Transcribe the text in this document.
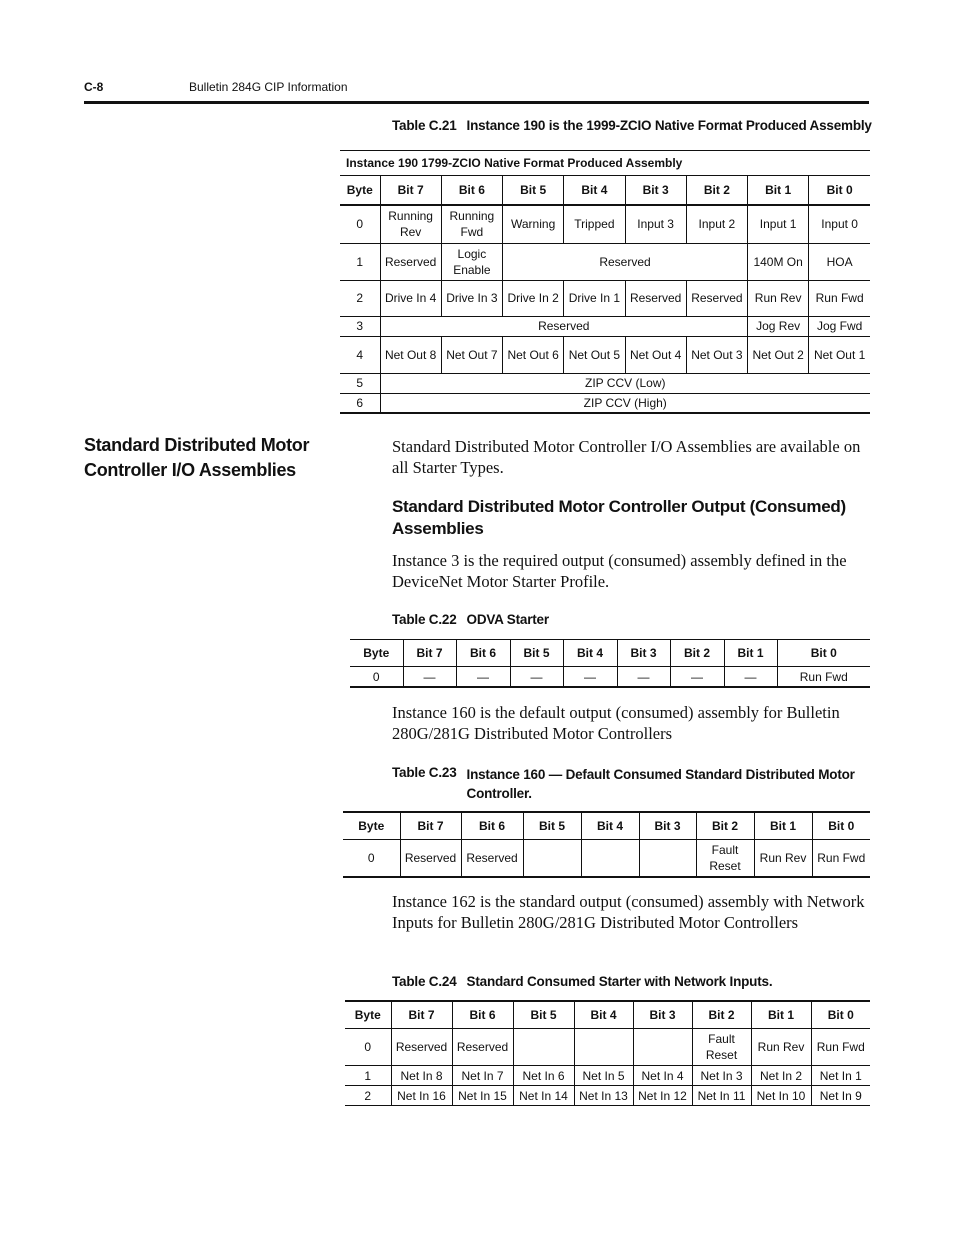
C-8	Bulletin 284G CIP Information
Table C.21 Instance 190 is the 1999-ZCIO Native Format Produced Assembly
Instance 190 1799-ZCIO Native Format Produced Assembly								
Byte	Bit 7	Bit 6	Bit 5	Bit 4	Bit 3	Bit 2	Bit 1	Bit 0
0	Running Rev	Running Fwd	Warning	Tripped	Input 3	Input 2	Input 1	Input 0
1	Reserved	Logic Enable	Reserved				140M On	HOA
2	Drive In 4	Drive In 3	Drive In 2	Drive In 1	Reserved	Reserved	Run Rev	Run Fwd
3	Reserved						Jog Rev	Jog Fwd
4	Net Out 8	Net Out 7	Net Out 6	Net Out 5	Net Out 4	Net Out 3	Net Out 2	Net Out 1
5	ZIP CCV (Low)							
6	ZIP CCV (High)							
Standard Distributed Motor Controller I/O Assemblies
Standard Distributed Motor Controller I/O Assemblies are available on all Starter Types.
Standard Distributed Motor Controller Output (Consumed) Assemblies
Instance 3 is the required output (consumed) assembly defined in the DeviceNet Motor Starter Profile.
Table C.22 ODVA Starter
Byte	Bit 7	Bit 6	Bit 5	Bit 4	Bit 3	Bit 2	Bit 1	Bit 0
0	—	—	—	—	—	—	—	Run Fwd
Instance 160 is the default output (consumed) assembly for Bulletin 280G/281G Distributed Motor Controllers
Table C.23 Instance 160 — Default Consumed Standard Distributed Motor Controller.
Byte	Bit 7	Bit 6	Bit 5	Bit 4	Bit 3	Bit 2	Bit 1	Bit 0
0	Reserved	Reserved				Fault Reset	Run Rev	Run Fwd
Instance 162 is the standard output (consumed) assembly with Network Inputs for Bulletin 280G/281G Distributed Motor Controllers
Table C.24 Standard Consumed Starter with Network Inputs.
Byte	Bit 7	Bit 6	Bit 5	Bit 4	Bit 3	Bit 2	Bit 1	Bit 0
0	Reserved	Reserved				Fault Reset	Run Rev	Run Fwd
1	Net In 8	Net In 7	Net In 6	Net In 5	Net In 4	Net In 3	Net In 2	Net In 1
2	Net In 16	Net In 15	Net In 14	Net In 13	Net In 12	Net In 11	Net In 10	Net In 9
